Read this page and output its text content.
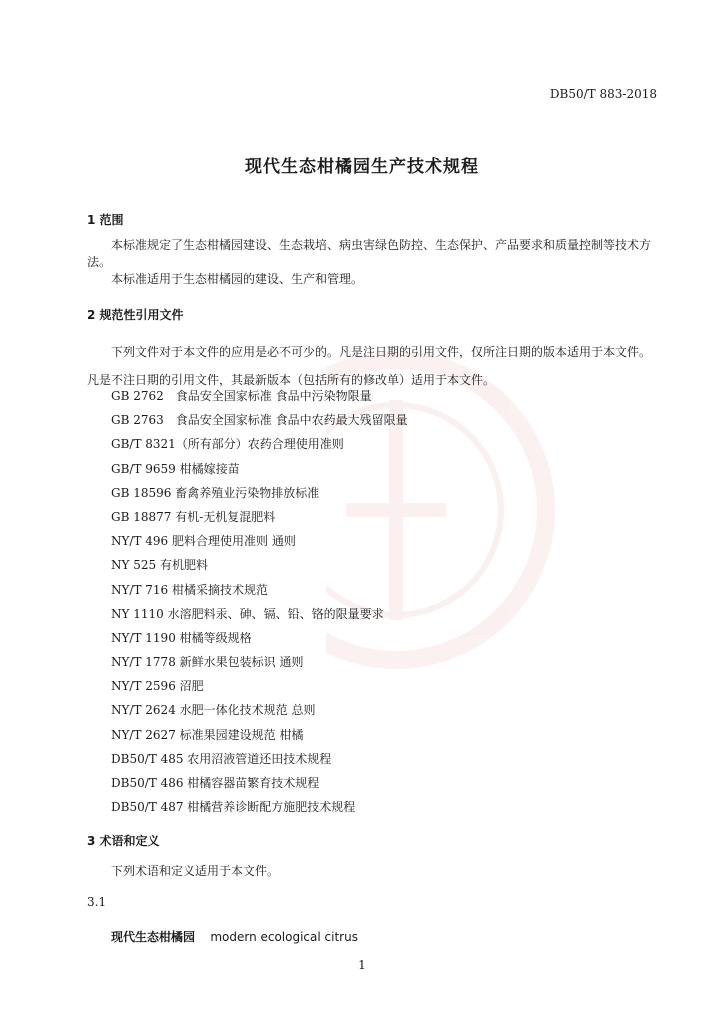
DB50/T 883-2018
现代生态柑橘园生产技术规程
1 范围

本标准规定了生态柑橘园建设、生态栽培、病虫害绿色防控、生态保护、产品要求和质量控制等技术方法。

本标准适用于生态柑橘园的建设、生产和管理。

2 规范性引用文件

下列文件对于本文件的应用是必不可少的。凡是注日期的引用文件，仅所注日期的版本适用于本文件。凡是不注日期的引用文件，其最新版本（包括所有的修改单）适用于本文件。

GB 2762　食品安全国家标准 食品中污染物限量
GB 2763　食品安全国家标准 食品中农药最大残留限量
GB/T 8321（所有部分）农药合理使用准则
GB/T 9659 柑橘嫁接苗
GB 18596 畜禽养殖业污染物排放标准
GB 18877 有机-无机复混肥料
NY/T 496 肥料合理使用准则 通则
NY 525 有机肥料
NY/T 716 柑橘采摘技术规范
NY 1110 水溶肥料汞、砷、镉、铅、铬的限量要求
NY/T 1190 柑橘等级规格
NY/T 1778 新鲜水果包装标识 通则
NY/T 2596 沼肥
NY/T 2624 水肥一体化技术规范 总则
NY/T 2627 标准果园建设规范 柑橘
DB50/T 485 农用沼液管道还田技术规程
DB50/T 486 柑橘容器苗繁育技术规程
DB50/T 487 柑橘营养诊断配方施肥技术规程
3 术语和定义

下列术语和定义适用于本文件。

3.1
现代生态柑橘园 modern ecological citrus
1
